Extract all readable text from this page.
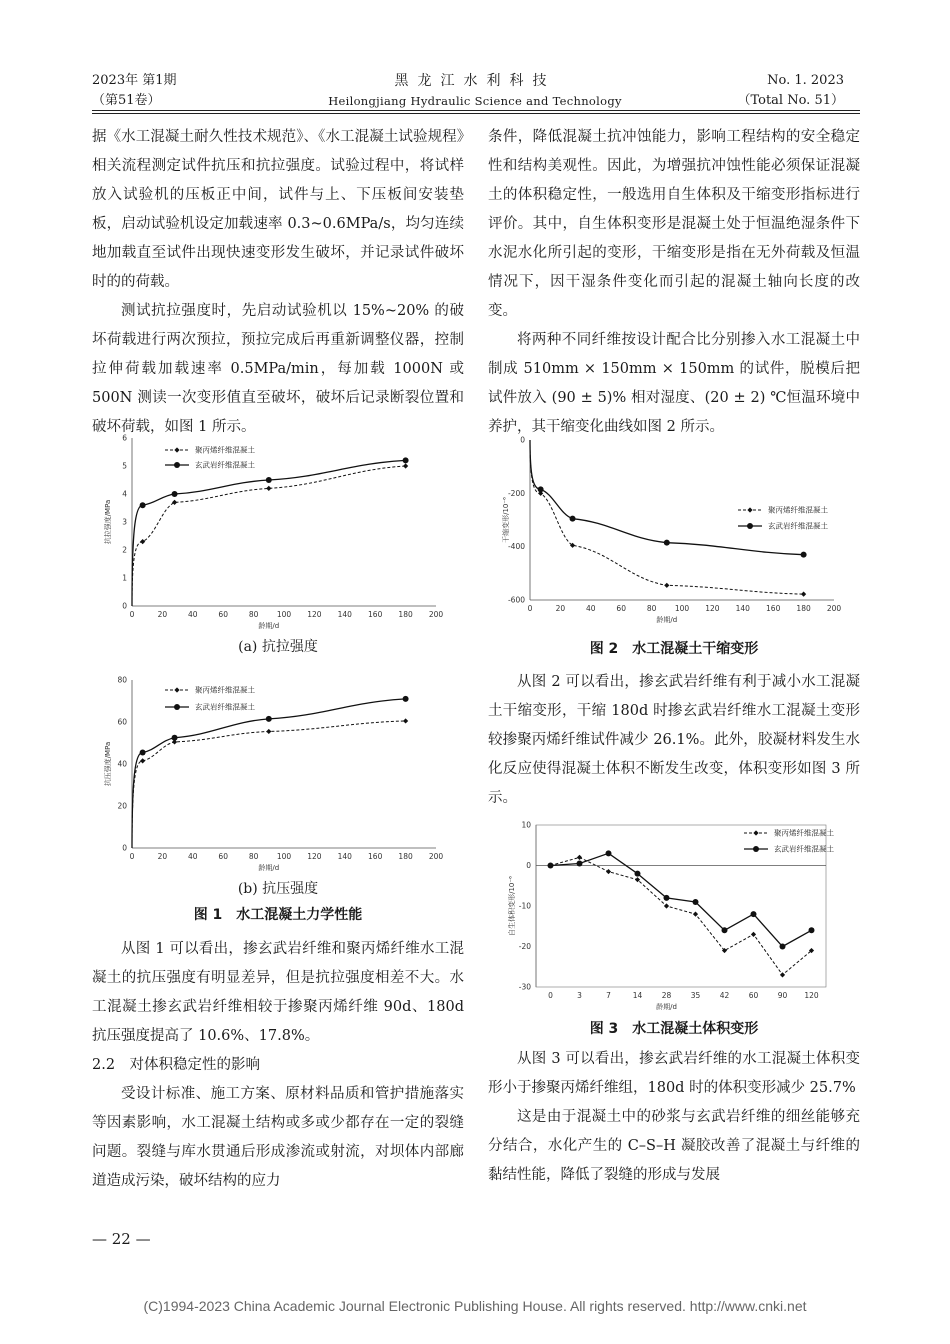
2023年 第1期
（第51卷）
黑龙江水利科技
Heilongjiang Hydraulic Science and Technology
No. 1. 2023
（Total No. 51）

据《水工混凝土耐久性技术规范》、《水工混凝土试验规程》相关流程测定试件抗压和抗拉强度。试验过程中，将试样放入试验机的压板正中间，试件与上、下压板间安装垫板，启动试验机设定加载速率 0.3~0.6MPa/s，均匀连续地加载直至试件出现快速变形发生破坏，并记录试件破坏时的的荷载。

测试抗拉强度时，先启动试验机以 15%~20% 的破坏荷载进行两次预拉，预拉完成后再重新调整仪器，控制拉伸荷载加载速率 0.5MPa/min，每加载 1000N 或 500N 测读一次变形值直至破坏，破坏后记录断裂位置和破坏荷载，如图 1 所示。

0
1
2
3
4
5
6
0	20	40	60	80 100 120 140 160 180 200
龄期/d
抗拉强度/MPa
聚丙烯纤维混凝土
玄武岩纤维混凝土
(a) 抗拉强度
0
20
40
60
80
0	20	40	60	80 100 120 140 160 180 200
龄期/d
抗压强度/MPa
聚丙烯纤维混凝土
玄武岩纤维混凝土
(b) 抗压强度
图 1　水工混凝土力学性能

从图 1 可以看出，掺玄武岩纤维和聚丙烯纤维水工混凝土的抗压强度有明显差异，但是抗拉强度相差不大。水工混凝土掺玄武岩纤维相较于掺聚丙烯纤维 90d、180d 抗压强度提高了 10.6%、17.8%。

2.2　对体积稳定性的影响

受设计标准、施工方案、原材料品质和管护措施落实等因素影响，水工混凝土结构或多或少都存在一定的裂缝问题。裂缝与库水贯通后形成渗流或射流，对坝体内部廊道造成污染，破坏结构的应力

条件，降低混凝土抗冲蚀能力，影响工程结构的安全稳定性和结构美观性。因此，为增强抗冲蚀性能必须保证混凝土的体积稳定性，一般选用自生体积及干缩变形指标进行评价。其中，自生体积变形是混凝土处于恒温绝湿条件下水泥水化所引起的变形，干缩变形是指在无外荷载及恒温情况下，因干湿条件变化而引起的混凝土轴向长度的改变。

将两种不同纤维按设计配合比分别掺入水工混凝土中制成 510mm × 150mm × 150mm 的试件，脱模后把试件放入 (90 ± 5)% 相对湿度、(20 ± 2) ℃恒温环境中养护，其干缩变化曲线如图 2 所示。

0
-200
-400
-600
0	20	40	60	80 100 120 140 160 180 200
龄期/d
干缩变形/10⁻⁶	聚丙烯纤维混凝土
玄武岩纤维混凝土
图 2　水工混凝土干缩变形

从图 2 可以看出，掺玄武岩纤维有利于减小水工混凝土干缩变形，干缩 180d 时掺玄武岩纤维水工混凝土变形较掺聚丙烯纤维试件减少 26.1%。此外，胶凝材料发生水化反应使得混凝土体积不断发生改变，体积变形如图 3 所示。

10
0
-10
-20
-30
0	3	7	14	28	35	42	60	90 120
龄期/d
自生体积变形/10⁻⁶
聚丙烯纤维混凝土
玄武岩纤维混凝土
图 3　水工混凝土体积变形

从图 3 可以看出，掺玄武岩纤维的水工混凝土体积变形小于掺聚丙烯纤维组，180d 时的体积变形减少 25.7%

这是由于混凝土中的砂浆与玄武岩纤维的细丝能够充分结合，水化产生的 C–S–H 凝胶改善了混凝土与纤维的黏结性能，降低了裂缝的形成与发展

— 22 —
(C)1994-2023 China Academic Journal Electronic Publishing House. All rights reserved. http://www.cnki.net
